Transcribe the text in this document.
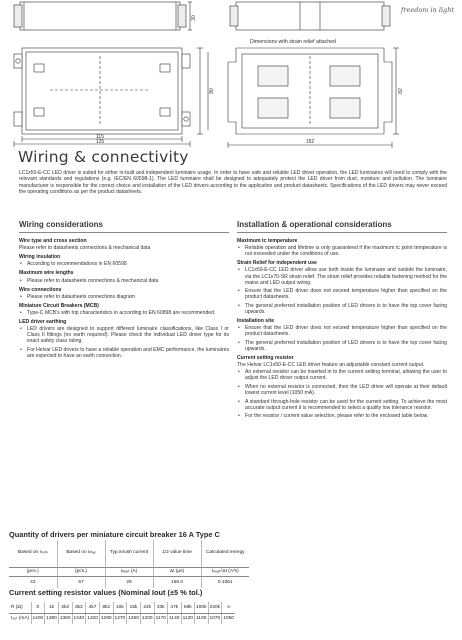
115
125
30
80	82
152
freedom in light
Dimensions with strain relief attached
Wiring & connectivity

LC1x50-E-CC LED driver is suited for either in-built and independent luminaire usage. In order to have safe and reliable LED driver operation, the LED luminaires will need to comply with the relevant standards and regulations (e.g. IEC/EN 60598-1). The LED luminaire shall be designed to adequately protect the LED driver from dust, moisture and pollution. The luminaire manufacturer is responsible for the correct choice and installation of the LED drivers according to the application and product datasheets. Specifications of the LED drivers may never exceed the operating conditions as per the product datasheets.

Wiring considerations
Wire type and cross section
Please refer to datasheets connections & mechanical data
Wiring insulation
• According to recommendations in EN 60598
Maximum wire lengths
• Please refer to datasheets connections & mechanical data
Wire connections
• Please refer to datasheets connections diagram
Miniature Circuit Breakers (MCB)
• Type-C MCB's with trip characteristics in according to EN 60898 are recommended.
LED driver earthing
• LED drivers are designed to support different luminaire classifications, like Class I or Class II fittings (no earth required). Please check the individual LED driver type for its exact safety class rating.
• For Helvar LED drivers to have a reliable operation and EMC performance, the luminaires are expected to have an earth connection.
Installation & operational considerations
Maximum tc temperature
• Reliable operation and lifetime is only guaranteed if the maximum tc point temperature is not exceeded under the conditions of use.
Strain Relief for independent use
• LC1x50-E-CC LED driver allow use both inside the luminaire and outside the luminaire, via the LC1x70-SR strain relief. The strain relief provides reliable fastening method for the mains and LED output wiring.
• Ensure that the LED driver does not exceed temperature higher than specified on the product datasheets.
• The general preferred installation position of LED drivers is to have the top cover facing upwards.
Installation site
• Ensure that the LED driver does not exceed temperature higher than specified on the product datasheets.
• The general preferred installation position of LED drivers is to have the top cover facing upwards.
Current setting resistor
The Helvar LC1x50-E-CC LED driver feature an adjustable constant current output.
• An external resistor can be inserted in to the current setting terminal, allowing the user to adjust the LED driver output current.
• When no external resistor is connected, then the LED driver will operate at their default lowest current level (1050 mA).
• A standard through-hole resistor can be used for the current setting. To achieve the most accurate output current it is recommended to select a quality low tolerance resistor.
• For the resistor / current value selection, please refer to the enclosed table below.
Quantity of drivers per miniature circuit breaker 16 A Type C
Based on Iₙₒₘ	Based on Iₘₐₓ	Typ.inrush current	1/2 value time	Calculated energy
(pcs.)	(pcs.)	Iₚₑₐₖ (A)	Δt (μs)	Iₚₑₐₖ²Δt (A²s)
43	57	29	156.0	0.1061
Current setting resistor values (Nominal Iout (±5 % tol.)
R (Ω)	0	1k	2k2	3k3	4k7	8k2	10k	15k	22k	33k	47k	68k	100k	220k	∞
Iₒᵤₜ (mA)	1400	1380	1360	1340	1320	1290	1270	1260	1200	1170	1140	1120	1100	1070	1050
